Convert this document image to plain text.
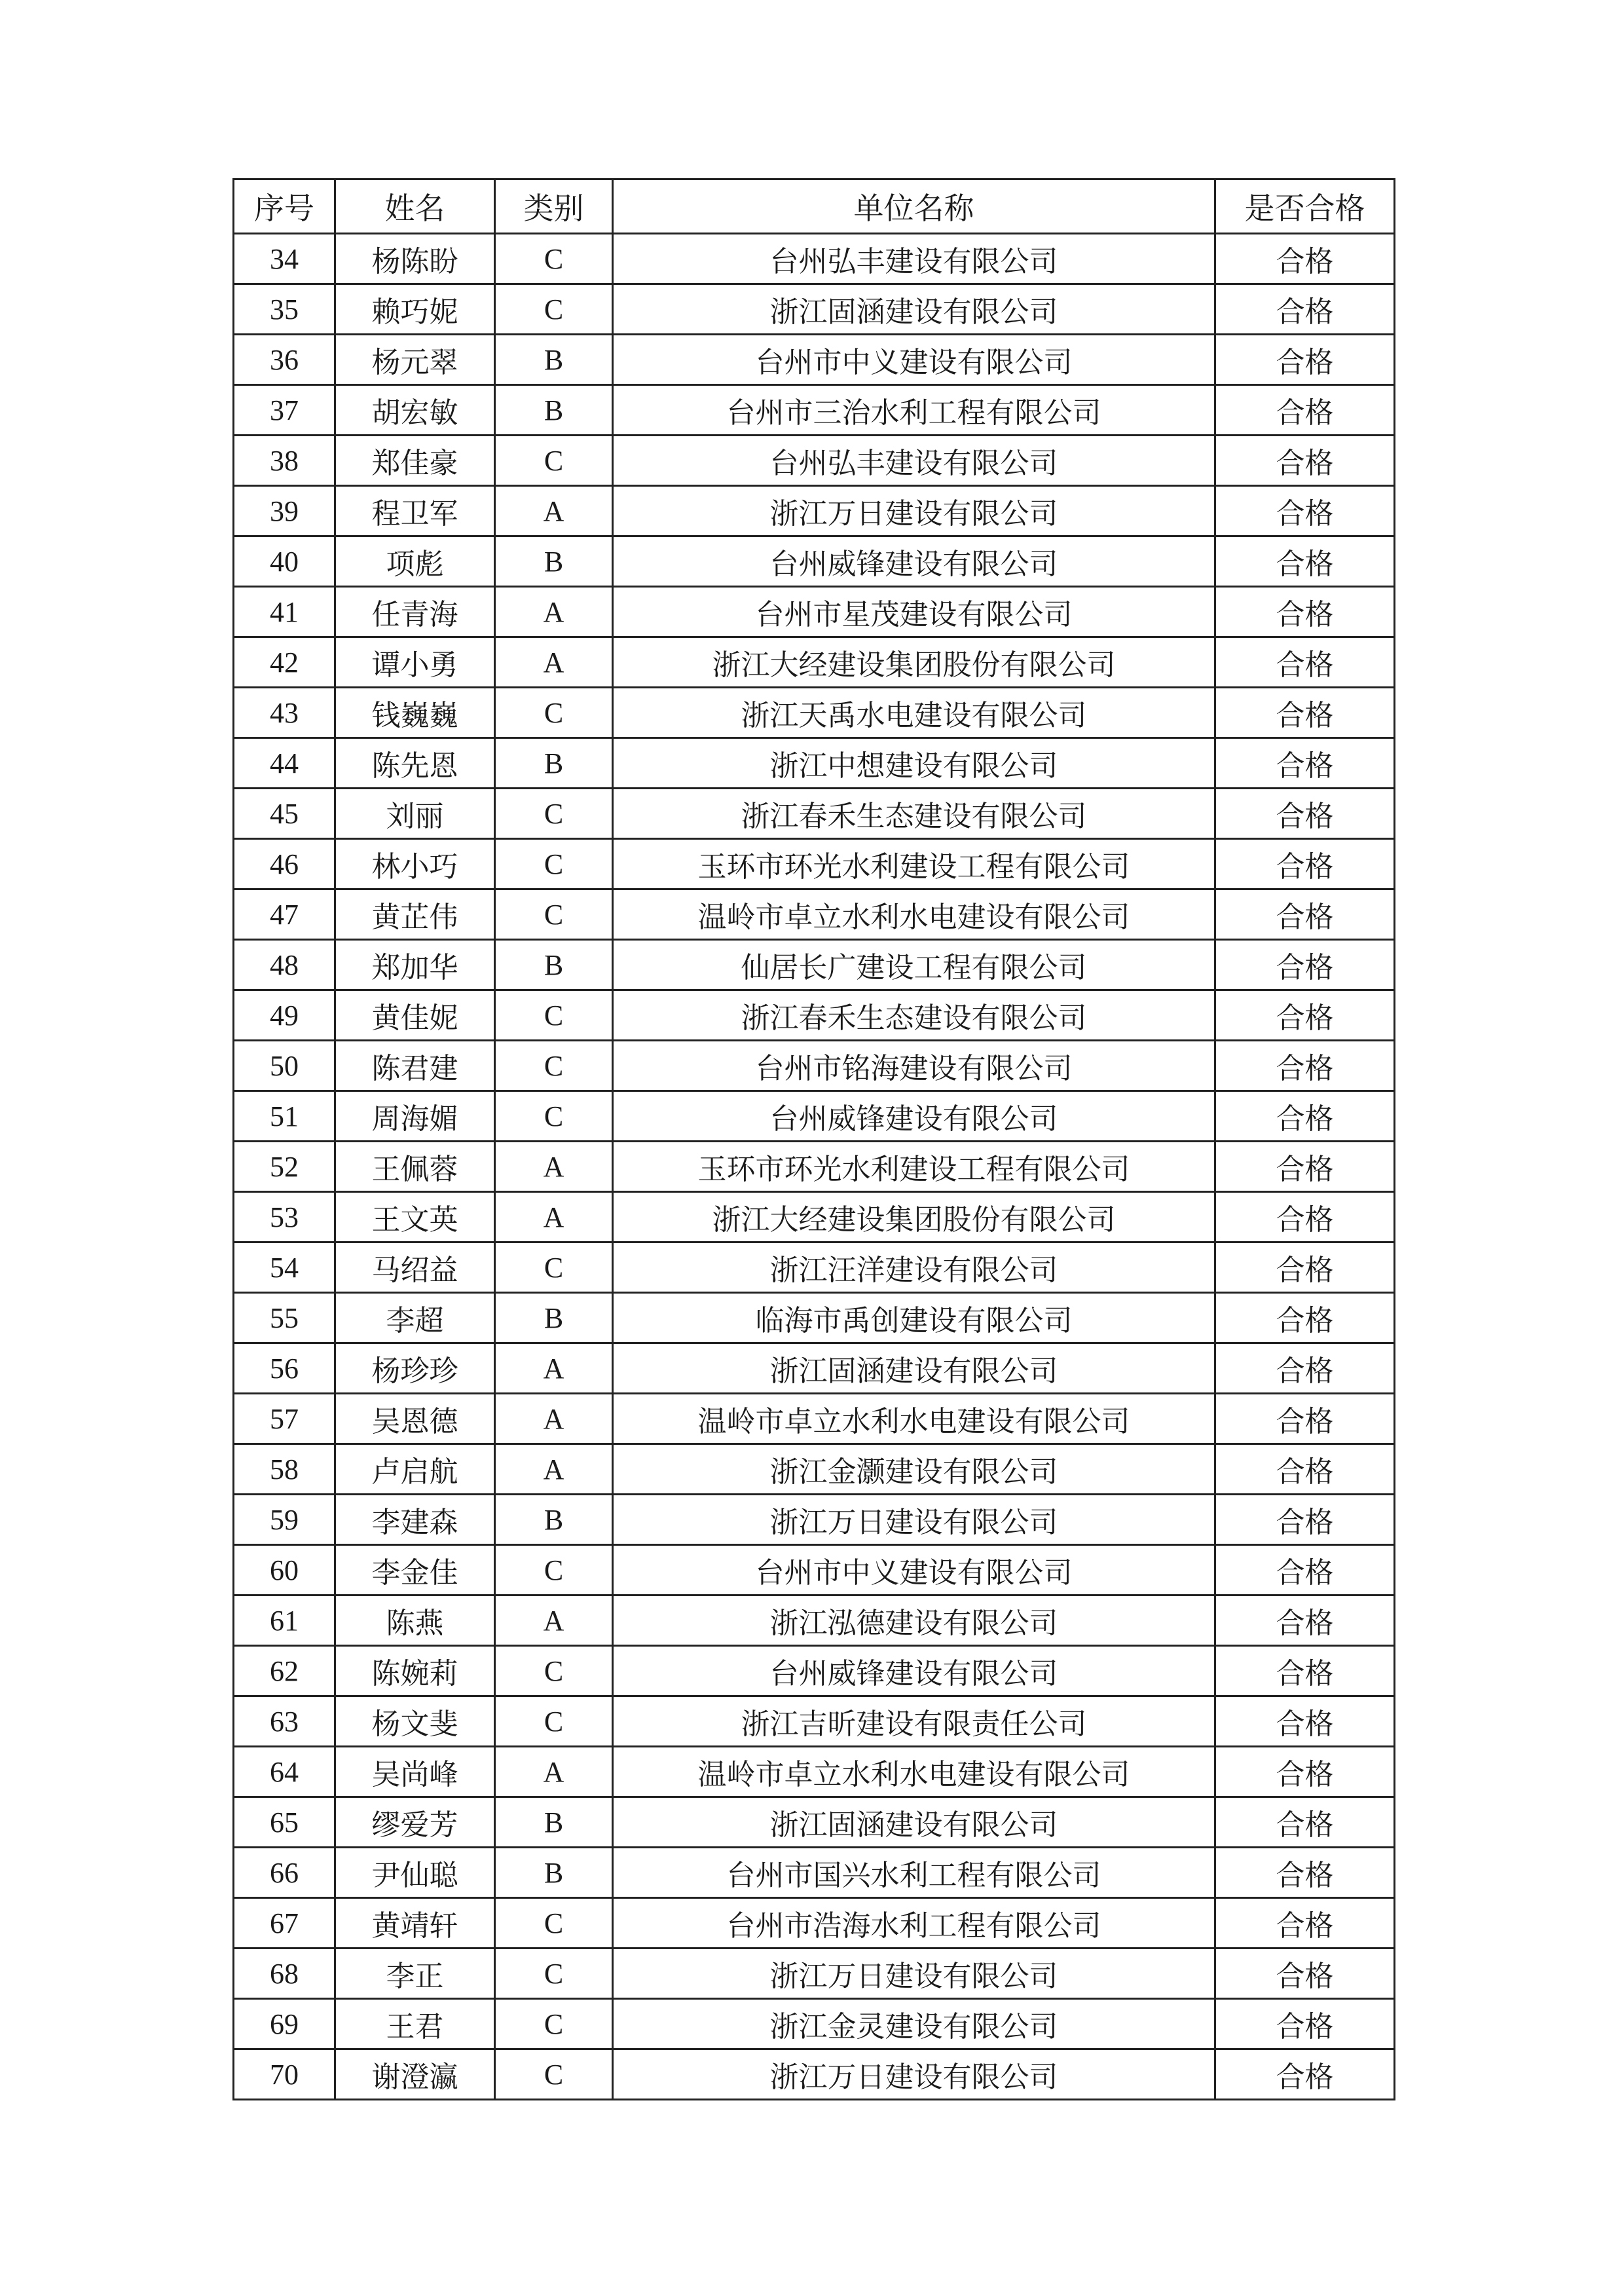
序号	姓名	类别	单位名称	是否合格
34	杨陈盼	C	台州弘丰建设有限公司	合格
35	赖巧妮	C	浙江固涵建设有限公司	合格
36	杨元翠	B	台州市中义建设有限公司	合格
37	胡宏敏	B	台州市三治水利工程有限公司	合格
38	郑佳豪	C	台州弘丰建设有限公司	合格
39	程卫军	A	浙江万日建设有限公司	合格
40	项彪	B	台州威锋建设有限公司	合格
41	任青海	A	台州市星茂建设有限公司	合格
42	谭小勇	A	浙江大经建设集团股份有限公司	合格
43	钱巍巍	C	浙江天禹水电建设有限公司	合格
44	陈先恩	B	浙江中想建设有限公司	合格
45	刘丽	C	浙江春禾生态建设有限公司	合格
46	林小巧	C	玉环市环光水利建设工程有限公司	合格
47	黄芷伟	C	温岭市卓立水利水电建设有限公司	合格
48	郑加华	B	仙居长广建设工程有限公司	合格
49	黄佳妮	C	浙江春禾生态建设有限公司	合格
50	陈君建	C	台州市铭海建设有限公司	合格
51	周海媚	C	台州威锋建设有限公司	合格
52	王佩蓉	A	玉环市环光水利建设工程有限公司	合格
53	王文英	A	浙江大经建设集团股份有限公司	合格
54	马绍益	C	浙江汪洋建设有限公司	合格
55	李超	B	临海市禹创建设有限公司	合格
56	杨珍珍	A	浙江固涵建设有限公司	合格
57	吴恩德	A	温岭市卓立水利水电建设有限公司	合格
58	卢启航	A	浙江金灏建设有限公司	合格
59	李建森	B	浙江万日建设有限公司	合格
60	李金佳	C	台州市中义建设有限公司	合格
61	陈燕	A	浙江泓德建设有限公司	合格
62	陈婉莉	C	台州威锋建设有限公司	合格
63	杨文斐	C	浙江吉昕建设有限责任公司	合格
64	吴尚峰	A	温岭市卓立水利水电建设有限公司	合格
65	缪爱芳	B	浙江固涵建设有限公司	合格
66	尹仙聪	B	台州市国兴水利工程有限公司	合格
67	黄靖轩	C	台州市浩海水利工程有限公司	合格
68	李正	C	浙江万日建设有限公司	合格
69	王君	C	浙江金灵建设有限公司	合格
70	谢澄瀛	C	浙江万日建设有限公司	合格
